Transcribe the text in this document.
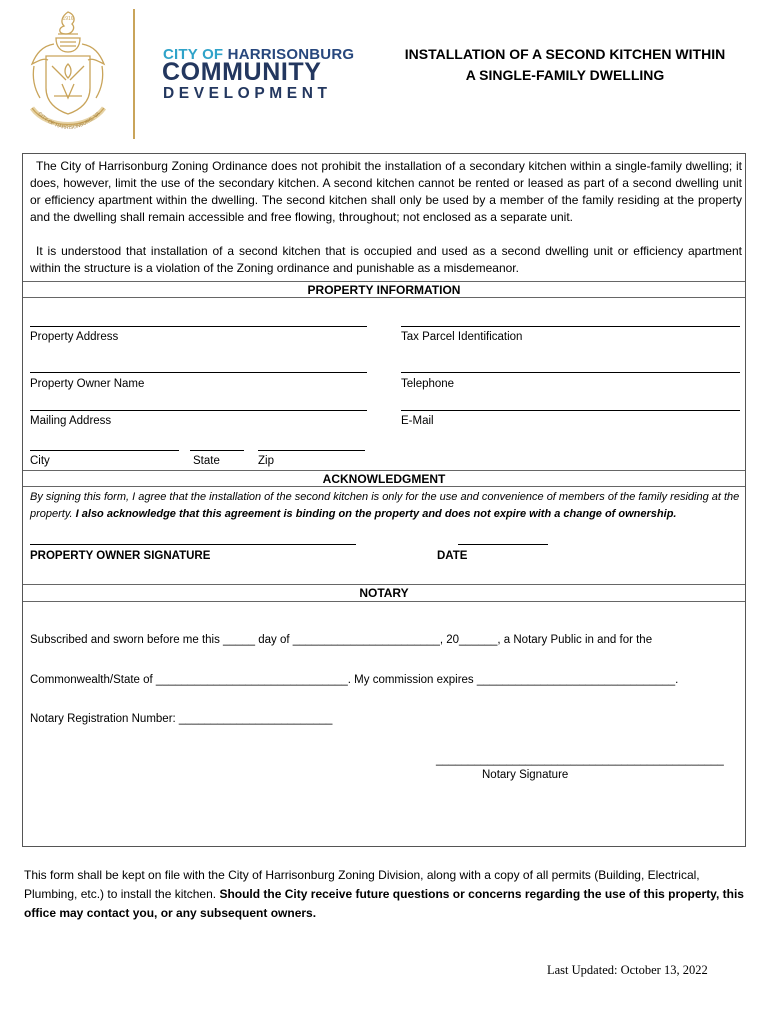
1916
CITY OF HARRISONBURG, VA
CITY OF HARRISONBURG
COMMUNITY
DEVELOPMENT
INSTALLATION OF A SECOND KITCHEN WITHIN
A SINGLE-FAMILY DWELLING
The City of Harrisonburg Zoning Ordinance does not prohibit the installation of a secondary kitchen within a single-family dwelling; it does, however, limit the use of the secondary kitchen. A second kitchen cannot be rented or leased as part of a second dwelling unit or efficiency apartment within the dwelling. The second kitchen shall only be used by a member of the family residing at the property and the dwelling shall remain accessible and free flowing, throughout; not enclosed as a separate unit.
It is understood that installation of a second kitchen that is occupied and used as a second dwelling unit or efficiency apartment within the structure is a violation of the Zoning ordinance and punishable as a misdemeanor.
PROPERTY INFORMATION
Property Address	Tax Parcel Identification
Property Owner Name	Telephone
Mailing Address	E-Mail
City	State	Zip
ACKNOWLEDGMENT
By signing this form, I agree that the installation of the second kitchen is only for the use and convenience of members of the family residing at the property. I also acknowledge that this agreement is binding on the property and does not expire with a change of ownership.
PROPERTY OWNER SIGNATURE	DATE
NOTARY
Subscribed and sworn before me this _____ day of _______________________, 20______, a Notary Public in and for the
Commonwealth/State of ______________________________. My commission expires _______________________________.
Notary Registration Number: ________________________
_____________________________________________
Notary Signature
This form shall be kept on file with the City of Harrisonburg Zoning Division, along with a copy of all permits (Building, Electrical, Plumbing, etc.) to install the kitchen. Should the City receive future questions or concerns regarding the use of this property, this office may contact you, or any subsequent owners.
Last Updated: October 13, 2022
